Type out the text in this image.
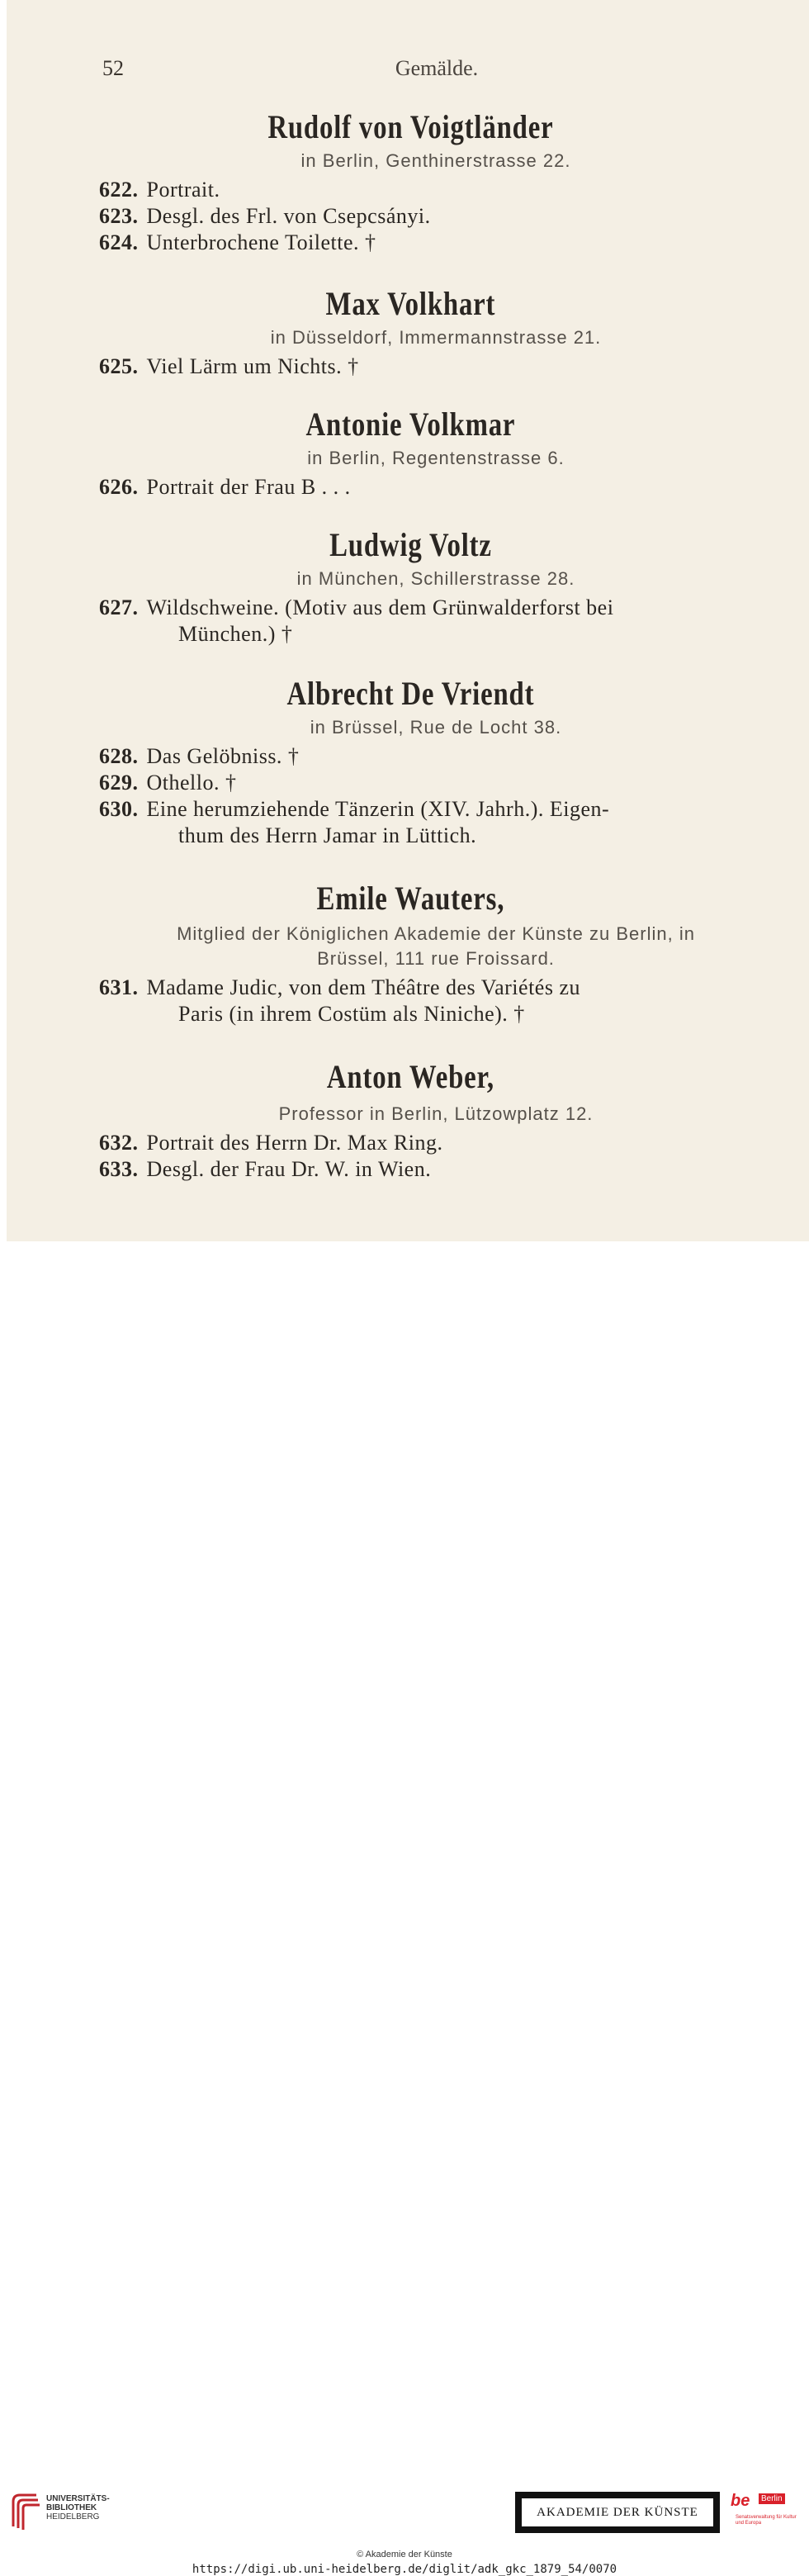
52	Gemälde.
Rudolf von Voigtländer
in Berlin, Genthinerstrasse 22.
622. Portrait.
623. Desgl. des Frl. von Csepcsányi.
624. Unterbrochene Toilette. †
Max Volkhart
in Düsseldorf, Immermannstrasse 21.
625. Viel Lärm um Nichts. †
Antonie Volkmar
in Berlin, Regentenstrasse 6.
626. Portrait der Frau B . . .
Ludwig Voltz
in München, Schillerstrasse 28.
627. Wildschweine. (Motiv aus dem Grünwalderforst bei
München.) †
Albrecht De Vriendt
in Brüssel, Rue de Locht 38.
628. Das Gelöbniss. †
629. Othello. †
630. Eine herumziehende Tänzerin (XIV. Jahrh.). Eigen-
thum des Herrn Jamar in Lüttich.
Emile Wauters,
Mitglied der Königlichen Akademie der Künste zu Berlin, in
Brüssel, 111 rue Froissard.
631. Madame Judic, von dem Théâtre des Variétés zu
Paris (in ihrem Costüm als Niniche). †
Anton Weber,
Professor in Berlin, Lützowplatz 12.
632. Portrait des Herrn Dr. Max Ring.
633. Desgl. der Frau Dr. W. in Wien.
UNIVERSITÄTS-
BIBLIOTHEK
HEIDELBERG	AKADEMIE DER KÜNSTE
be	Berlin
Senatsverwaltung für Kultur und Europa
© Akademie der Künste
https://digi.ub.uni-heidelberg.de/diglit/adk_gkc_1879_54/0070
